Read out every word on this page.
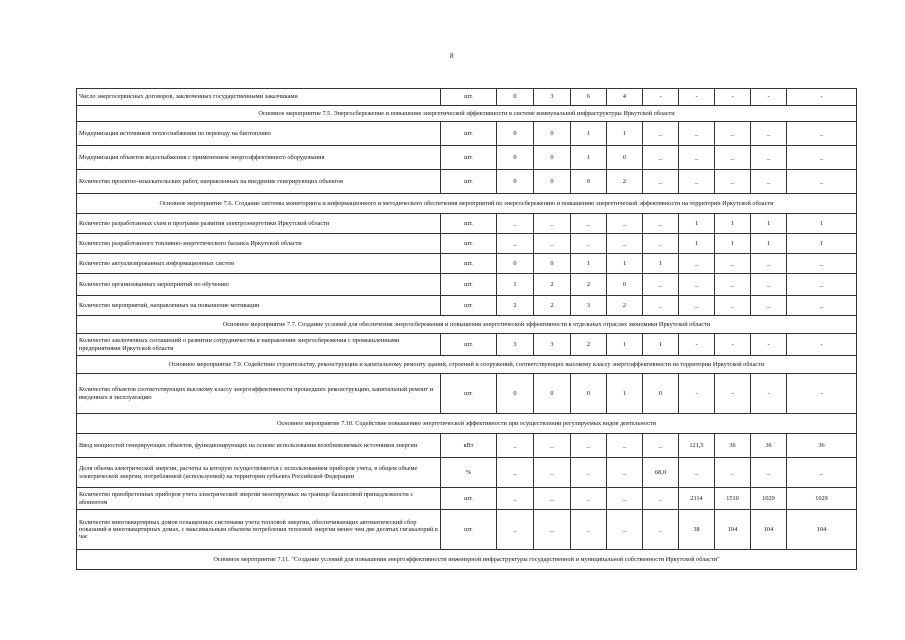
8
Число энергосервисных договоров, заключенных государственными заказчиками	шт.	0	3	6	4	-	-	-	-	-
Основное мероприятие 7.5. Энергосбережение и повышение энергетической эффективности в системе коммунальной инфраструктуры Иркутской области										
Модернизация источников теплоснабжения по переводу на биотопливо	шт.	0	0	1	1	_	_	_	_	_
Модернизация объектов водоснабжения с применением энергоэффективного оборудования	шт.	0	0	1	0	_	_	_	_	_
Количество проектно-изыскательских работ, направленных на внедрение генерирующих объектов	шт.	0	0	0	2	_	_	_	_	_
Основное мероприятие 7.6. Создание системы мониторинга и информационного и методического обеспечения мероприятий по энергосбережению и повышению энергетической эффективности на территории Иркутской области										
Количество разработанных схем и программ развития электроэнергетики Иркутской области	шт.	_	_	_	_	_	1	1	1	1
Количество разработанного топливно-энергетического баланса Иркутской области	шт.	_	_	_	_	_	1	1	1	1
Количество актуализированных информационных систем	шт.	0	0	1	1	1	_	_	_	_
Количество организованных мероприятий по обучению	шт.	1	2	2	0	_	_	_	_	_
Количество мероприятий, направленных на повышение мотивации	шт.	2	2	3	2	_	_	_	_	_
Основное мероприятие 7.7. Создание условий для обеспечения энергосбережения и повышения энергетической эффективности в отдельных отраслях экономики Иркутской области										
Количество заключенных соглашений о развитии сотрудничества в направлении энергосбережения с промышленными предприятиями Иркутской области	шт.	3	3	2	1	1	-	-	-	-
Основное мероприятие 7.9. Содействие строительству, реконструкции и капитальному ремонту зданий, строений и сооружений, соответствующих высокому классу энергоэффективности на территории Иркутской области										
Количество объектов соответствующих высокому классу энергоэффективности прошедших реконструкцию, капитальный ремонт и введенных в эксплуатацию	шт.	0	0	0	1	0	-	-	-	-
Основное мероприятие 7.10. Содействие повышению энергетической эффективности при осуществлении регулируемых видов деятельности										
Ввод мощностей генерирующих объектов, функционирующих на основе использования возобновляемых источников энергии	кВт	_	_	_	_	_	121,5	36	36	36
Доля объема электрической энергии, расчеты за которую осуществляются с использованием приборов учета, в общем объеме электрической энергии, потребляемой (используемой) на территории субъекта Российской Федерации	%	_	_	_	_	68,0	_	_	_	_
Количество приобретенных приборов учета электрической энергии монтируемых на границе балансовой принадлежности с абонентом	шт.	_	_	_	_	_	2114	1510	1029	1029
Количество многоквартирных домов оснащенных системами учета тепловой энергии, обеспечивающих автоматический сбор показаний в многоквартирных домах, с максимальным объемом потребления тепловой энергии менее чем две десятых гигакалорий в час	шт.	_	_	_	_	_	38	104	104	104
Основное мероприятие 7.11. "Создание условий для повышения энергоэффективности инженерной инфраструктуры государственной и муниципальной собственности Иркутской области"										
